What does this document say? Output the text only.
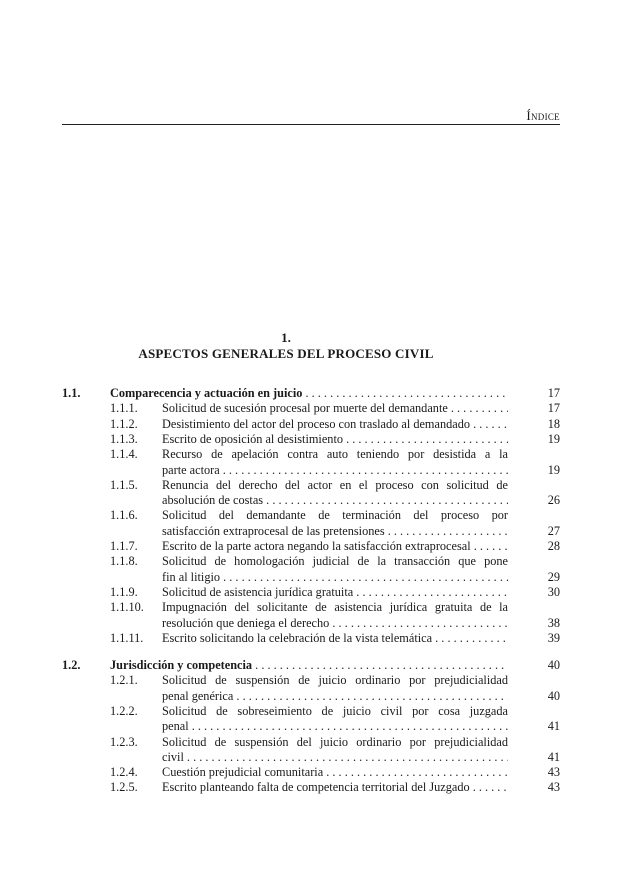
Índice
1.
ASPECTOS GENERALES DEL PROCESO CIVIL
1.1. Comparecencia y actuación en juicio . . .	17
1.1.1. Solicitud de sucesión procesal por muerte del demandante . . .	17
1.1.2. Desistimiento del actor del proceso con traslado al demandado . . .	18
1.1.3. Escrito de oposición al desistimiento . . .	19
1.1.4. Recurso de apelación contra auto teniendo por desistida a la
parte actora . . .	19
1.1.5. Renuncia del derecho del actor en el proceso con solicitud de
absolución de costas . . .	26
1.1.6. Solicitud del demandante de terminación del proceso por
satisfacción extraprocesal de las pretensiones . . .	27
1.1.7. Escrito de la parte actora negando la satisfacción extraprocesal . . .	28
1.1.8. Solicitud de homologación judicial de la transacción que pone
fin al litigio . . .	29
1.1.9. Solicitud de asistencia jurídica gratuita . . .	30
1.1.10. Impugnación del solicitante de asistencia jurídica gratuita de la
resolución que deniega el derecho . . .	38
1.1.11. Escrito solicitando la celebración de la vista telemática . . .	39
1.2. Jurisdicción y competencia . . .	40
1.2.1. Solicitud de suspensión de juicio ordinario por prejudicialidad
penal genérica . . .	40
1.2.2. Solicitud de sobreseimiento de juicio civil por cosa juzgada
penal . . .	41
1.2.3. Solicitud de suspensión del juicio ordinario por prejudicialidad
civil . . .	41
1.2.4. Cuestión prejudicial comunitaria . . .	43
1.2.5. Escrito planteando falta de competencia territorial del Juzgado . . .	43
